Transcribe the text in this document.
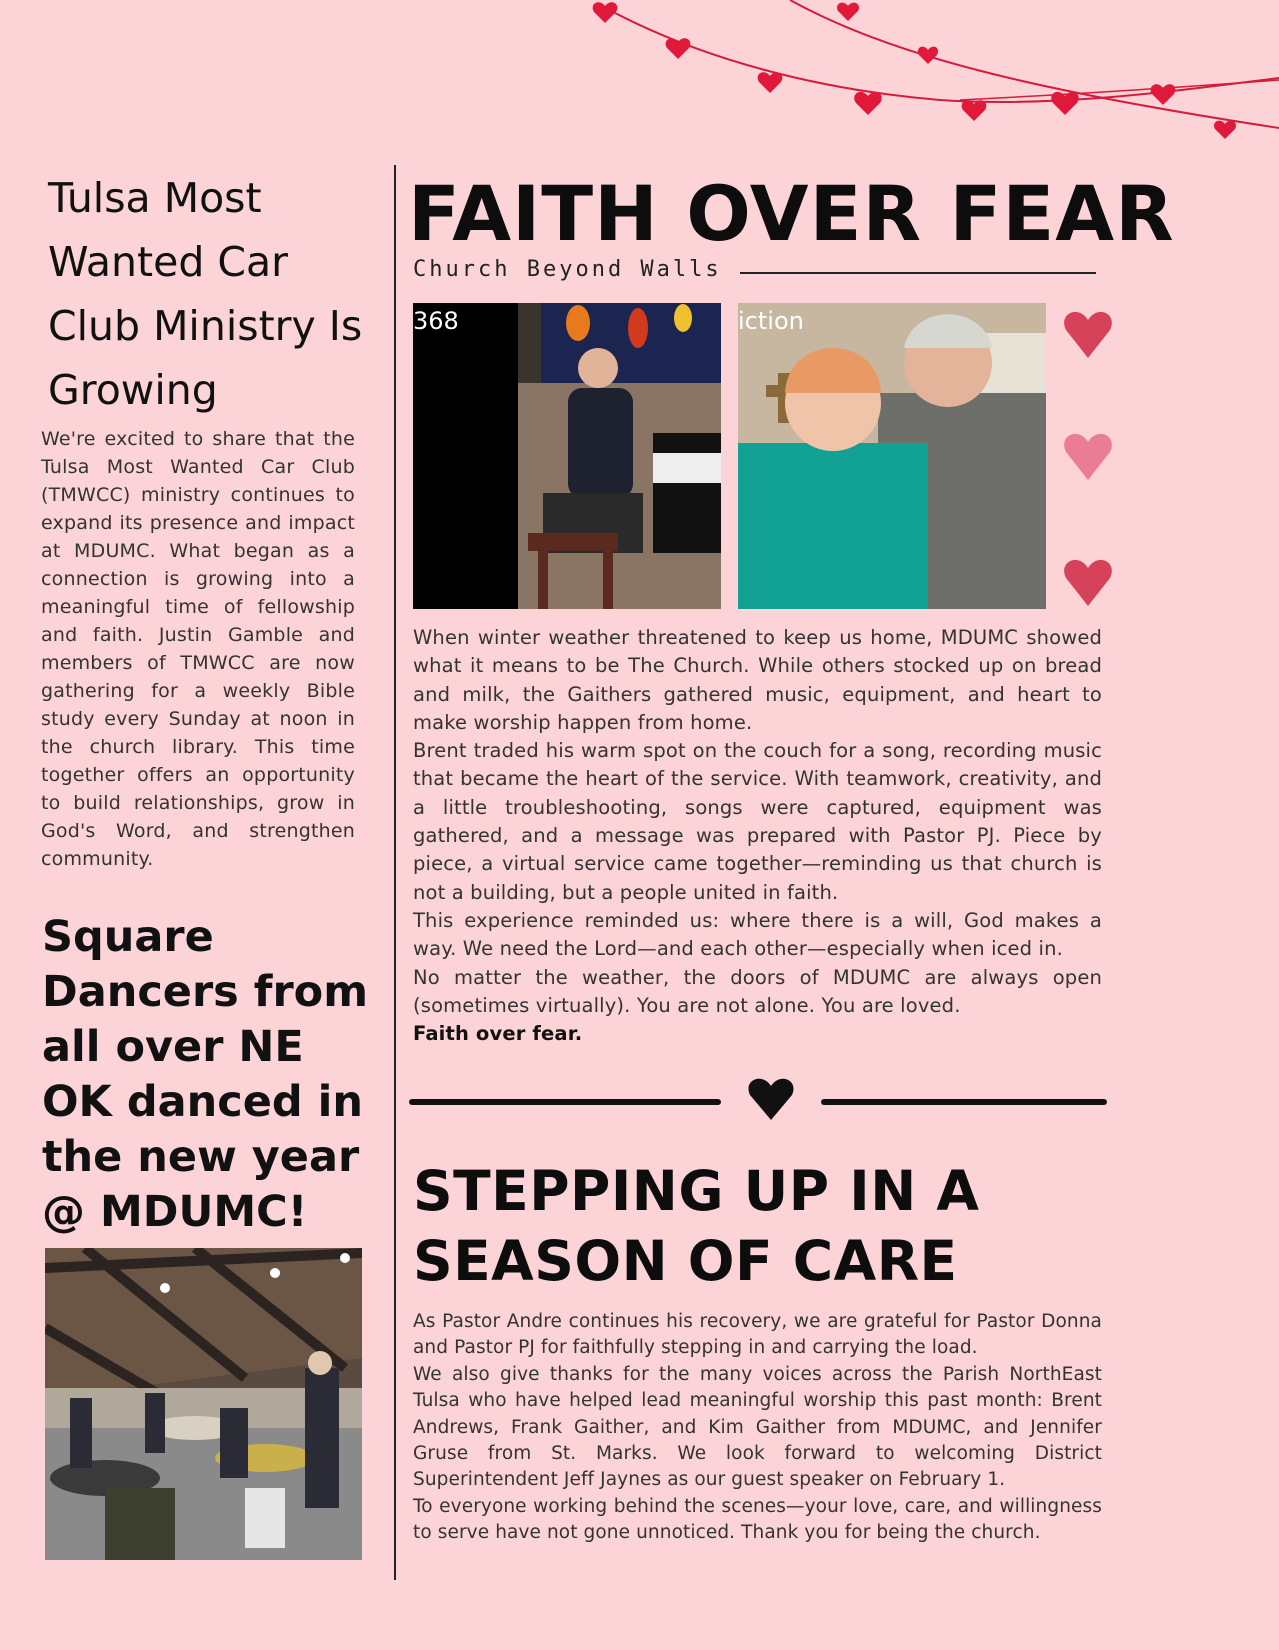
Tulsa Most Wanted Car Club Ministry Is Growing

We're excited to share that the Tulsa Most Wanted Car Club (TMWCC) ministry continues to expand its presence and impact at MDUMC. What began as a connection is growing into a meaningful time of fellowship and faith. Justin Gamble and members of TMWCC are now gathering for a weekly Bible study every Sunday at noon in the church library. This time together offers an opportunity to build relationships, grow in God's Word, and strengthen community.

Square Dancers from all over NE OK danced in the new year @ MDUMC!
FAITH OVER FEAR
Church Beyond Walls
368	iction

When winter weather threatened to keep us home, MDUMC showed what it means to be The Church. While others stocked up on bread and milk, the Gaithers gathered music, equipment, and heart to make worship happen from home.

Brent traded his warm spot on the couch for a song, recording music that became the heart of the service. With teamwork, creativity, and a little troubleshooting, songs were captured, equipment was gathered, and a message was prepared with Pastor PJ. Piece by piece, a virtual service came together—reminding us that church is not a building, but a people united in faith.

This experience reminded us: where there is a will, God makes a way. We need the Lord—and each other—especially when iced in.

No matter the weather, the doors of MDUMC are always open (sometimes virtually). You are not alone. You are loved.

Faith over fear.

STEPPING UP IN A
SEASON OF CARE

As Pastor Andre continues his recovery, we are grateful for Pastor Donna and Pastor PJ for faithfully stepping in and carrying the load.

We also give thanks for the many voices across the Parish NorthEast Tulsa who have helped lead meaningful worship this past month: Brent Andrews, Frank Gaither, and Kim Gaither from MDUMC, and Jennifer Gruse from St. Marks. We look forward to welcoming District Superintendent Jeff Jaynes as our guest speaker on February 1.

To everyone working behind the scenes—your love, care, and willingness to serve have not gone unnoticed. Thank you for being the church.
